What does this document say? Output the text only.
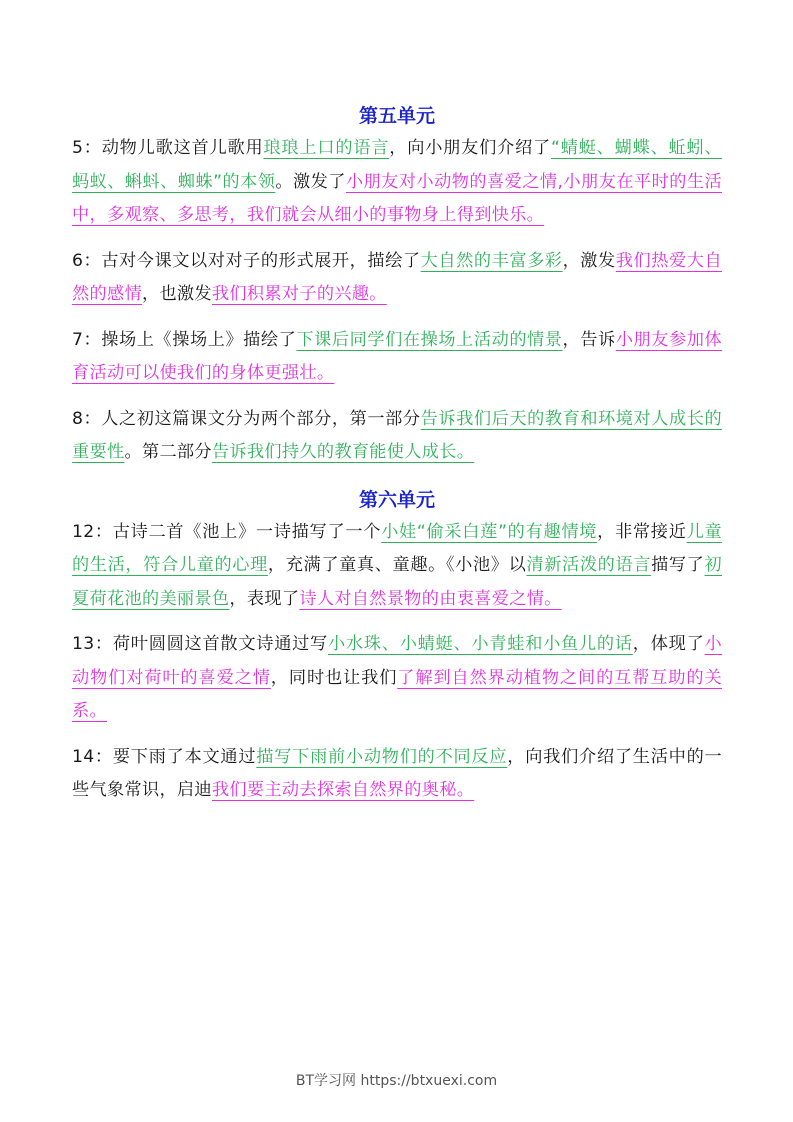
第五单元

5：动物儿歌这首儿歌用琅琅上口的语言，向小朋友们介绍了“蜻蜓、蝴蝶、蚯蚓、蚂蚁、蝌蚪、蜘蛛”的本领。激发了小朋友对小动物的喜爱之情,小朋友在平时的生活中，多观察、多思考，我们就会从细小的事物身上得到快乐。

6：古对今课文以对对子的形式展开，描绘了大自然的丰富多彩，激发我们热爱大自然的感情，也激发我们积累对子的兴趣。

7：操场上《操场上》描绘了下课后同学们在操场上活动的情景，告诉小朋友参加体育活动可以使我们的身体更强壮。

8：人之初这篇课文分为两个部分，第一部分告诉我们后天的教育和环境对人成长的重要性。第二部分告诉我们持久的教育能使人成长。

第六单元

12：古诗二首《池上》一诗描写了一个小娃“偷采白莲”的有趣情境，非常接近儿童的生活，符合儿童的心理，充满了童真、童趣。《小池》以清新活泼的语言描写了初夏荷花池的美丽景色，表现了诗人对自然景物的由衷喜爱之情。

13：荷叶圆圆这首散文诗通过写小水珠、小蜻蜓、小青蛙和小鱼儿的话，体现了小动物们对荷叶的喜爱之情，同时也让我们了解到自然界动植物之间的互帮互助的关系。

14：要下雨了本文通过描写下雨前小动物们的不同反应，向我们介绍了生活中的一些气象常识，启迪我们要主动去探索自然界的奥秘。

BT学习网 https://btxuexi.com
